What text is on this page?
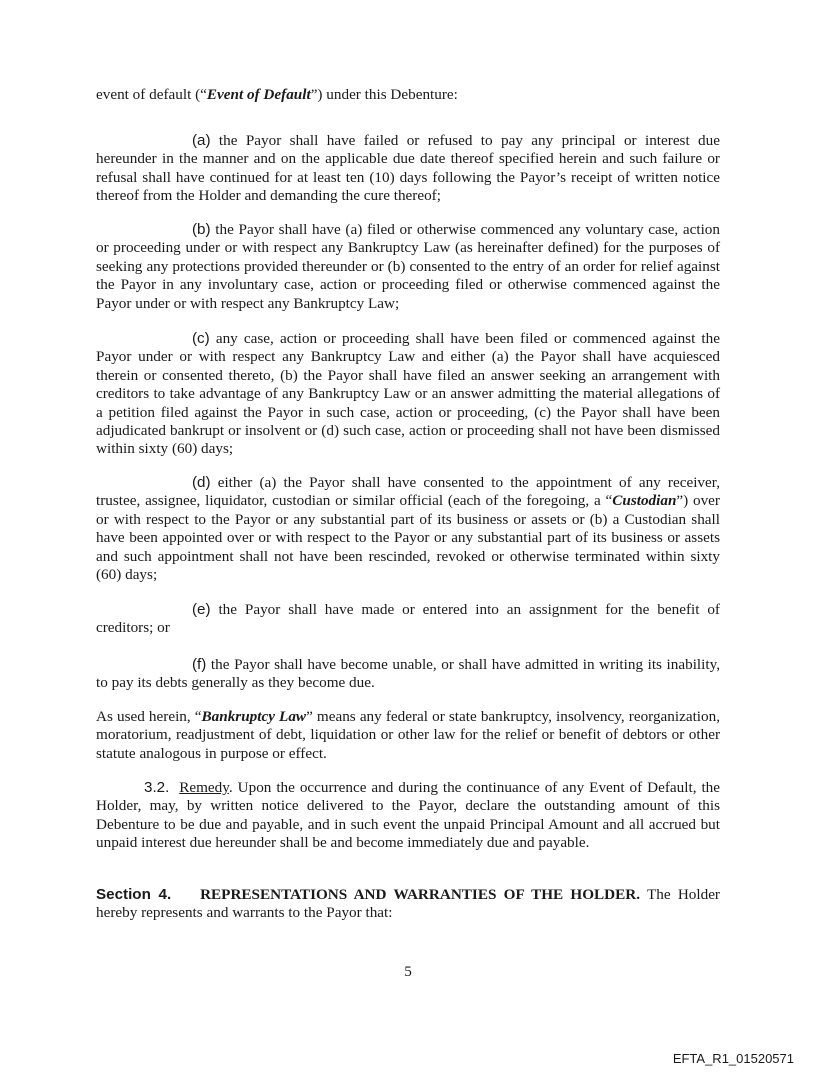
event of default (“Event of Default”) under this Debenture:

(a) the Payor shall have failed or refused to pay any principal or interest due hereunder in the manner and on the applicable due date thereof specified herein and such failure or refusal shall have continued for at least ten (10) days following the Payor’s receipt of written notice thereof from the Holder and demanding the cure thereof;

(b) the Payor shall have (a) filed or otherwise commenced any voluntary case, action or proceeding under or with respect any Bankruptcy Law (as hereinafter defined) for the purposes of seeking any protections provided thereunder or (b) consented to the entry of an order for relief against the Payor in any involuntary case, action or proceeding filed or otherwise commenced against the Payor under or with respect any Bankruptcy Law;

(c) any case, action or proceeding shall have been filed or commenced against the Payor under or with respect any Bankruptcy Law and either (a) the Payor shall have acquiesced therein or consented thereto, (b) the Payor shall have filed an answer seeking an arrangement with creditors to take advantage of any Bankruptcy Law or an answer admitting the material allegations of a petition filed against the Payor in such case, action or proceeding, (c) the Payor shall have been adjudicated bankrupt or insolvent or (d) such case, action or proceeding shall not have been dismissed within sixty (60) days;

(d) either (a) the Payor shall have consented to the appointment of any receiver, trustee, assignee, liquidator, custodian or similar official (each of the foregoing, a “Custodian”) over or with respect to the Payor or any substantial part of its business or assets or (b) a Custodian shall have been appointed over or with respect to the Payor or any substantial part of its business or assets and such appointment shall not have been rescinded, revoked or otherwise terminated within sixty (60) days;

(e) the Payor shall have made or entered into an assignment for the benefit of creditors; or

(f) the Payor shall have become unable, or shall have admitted in writing its inability, to pay its debts generally as they become due.

As used herein, “Bankruptcy Law” means any federal or state bankruptcy, insolvency, reorganization, moratorium, readjustment of debt, liquidation or other law for the relief or benefit of debtors or other statute analogous in purpose or effect.

3.2. Remedy. Upon the occurrence and during the continuance of any Event of Default, the Holder, may, by written notice delivered to the Payor, declare the outstanding amount of this Debenture to be due and payable, and in such event the unpaid Principal Amount and all accrued but unpaid interest due hereunder shall be and become immediately due and payable.

Section 4. REPRESENTATIONS AND WARRANTIES OF THE HOLDER. The Holder hereby represents and warrants to the Payor that:

5
EFTA_R1_01520571
